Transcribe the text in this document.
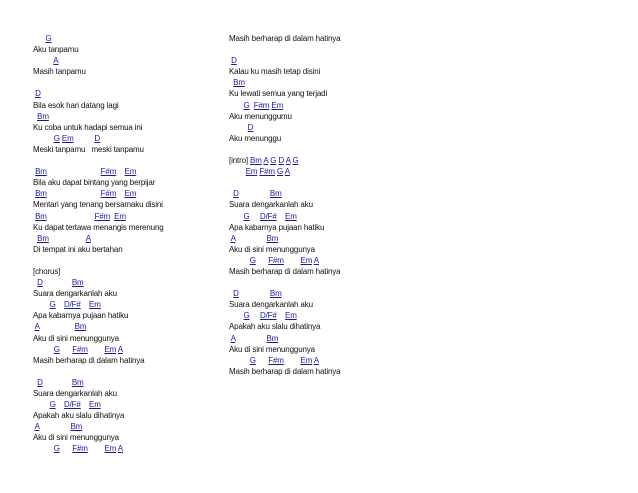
G
Aku tanpamu
A
Masih tanpamu
D
Bila esok hari datang lagi
Bm
Ku coba untuk hadapi semua ini
G Em	D
Meski tanpamu   meski tanpamu
Bm	F#m Em
Bila aku dapat bintang yang berpijar
Bm	F#m Em
Mentari yang tenang bersamaku disini
Bm	F#m Em
Ku dapat tertawa menangis merenung
Bm	A
Di tempat ini aku bertahan
[chorus]
D	Bm
Suara dengarkanlah aku
G D/F# Em
Apa kabarnya pujaan hatiku
A	Bm
Aku di sini menunggunya
G F#m Em A
Masih berharap di dalam hatinya
D	Bm
Suara dengarkanlah aku
G D/F# Em
Apakah aku slalu dihatinya
A	Bm
Aku di sini menunggunya
G F#m Em A
Masih berharap di dalam hatinya
D
Kalau ku masih tetap disini
Bm
Ku lewati semua yang terjadi
G F#m Em
Aku menunggumu
D
Aku menunggu
[intro] Bm A G D A G
Em F#m G A
D	Bm
Suara dengarkanlah aku
G D/F# Em
Apa kabarnya pujaan hatiku
A	Bm
Aku di sini menunggunya
G F#m Em A
Masih berharap di dalam hatinya
D	Bm
Suara dengarkanlah aku
G D/F# Em
Apakah aku slalu dihatinya
A	Bm
Aku di sini menunggunya
G F#m Em A
Masih berharap di dalam hatinya
